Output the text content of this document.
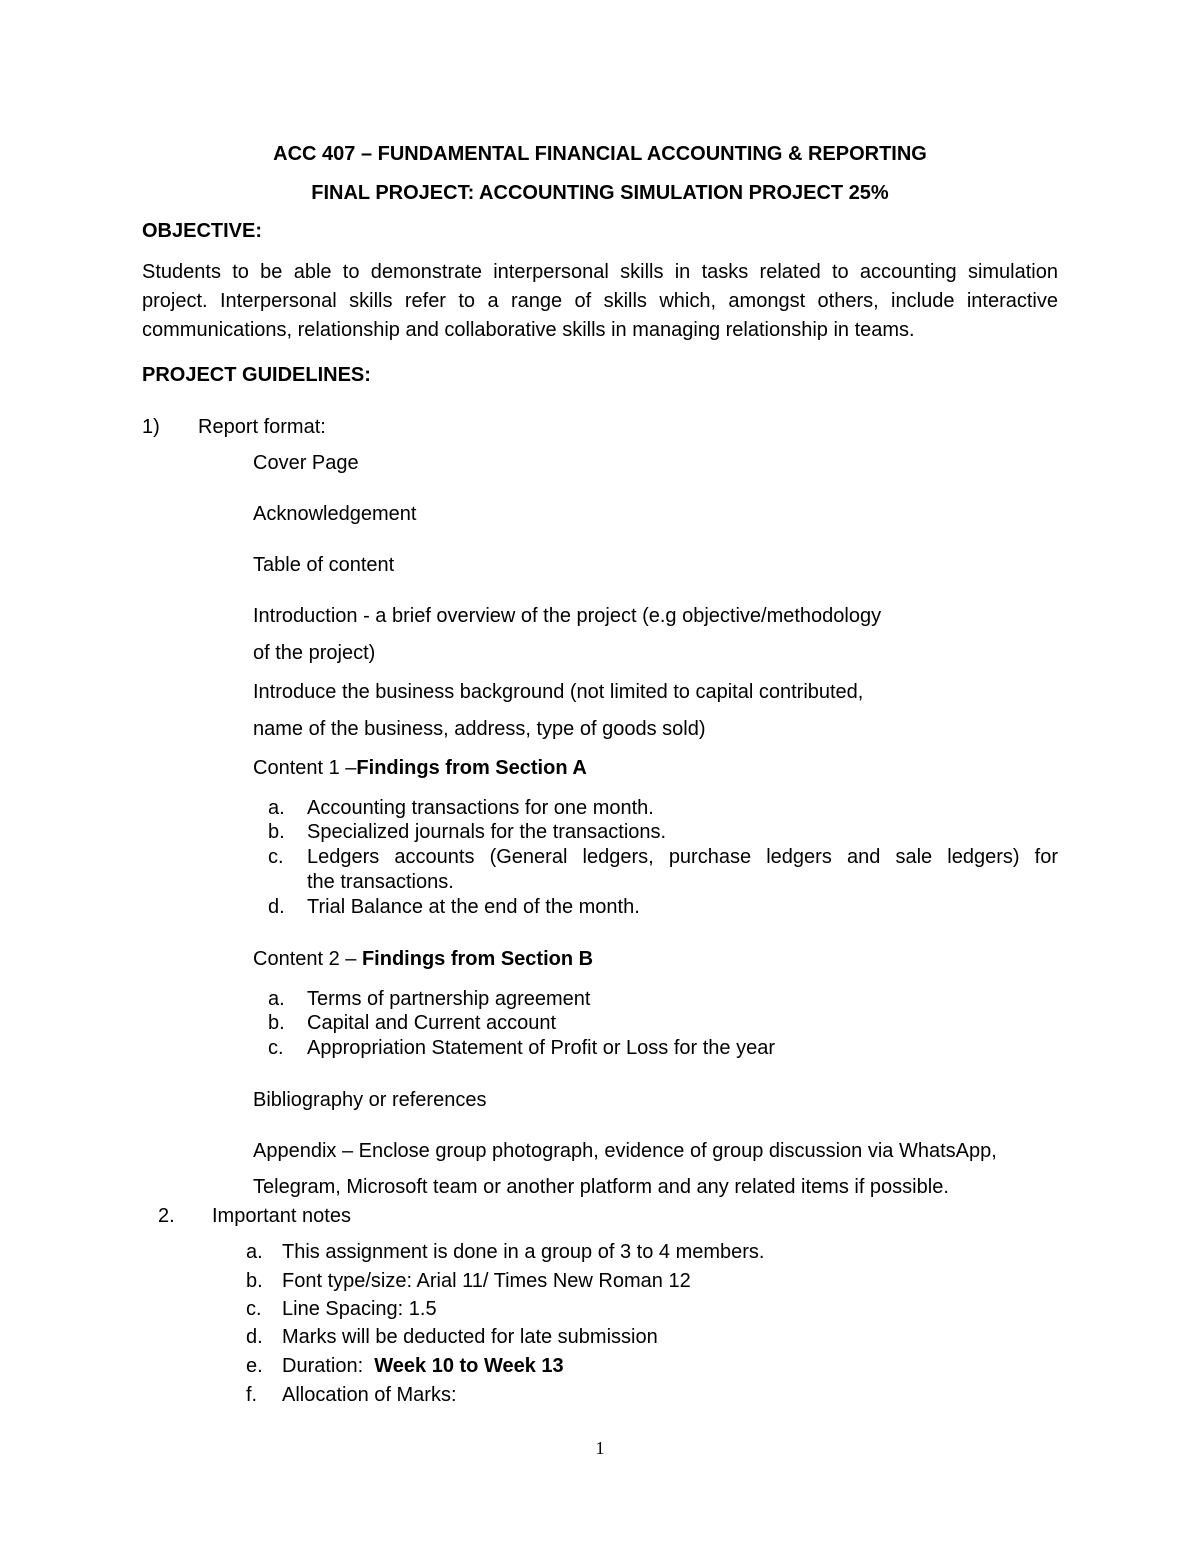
ACC 407 – FUNDAMENTAL FINANCIAL ACCOUNTING & REPORTING
FINAL PROJECT: ACCOUNTING SIMULATION PROJECT 25%
OBJECTIVE:
Students to be able to demonstrate interpersonal skills in tasks related to accounting simulation
project. Interpersonal skills refer to a range of skills which, amongst others, include interactive
communications, relationship and collaborative skills in managing relationship in teams.
PROJECT GUIDELINES:
1) Report format:
Cover Page
Acknowledgement
Table of content
Introduction - a brief overview of the project (e.g objective/methodology
of the project)
Introduce the business background (not limited to capital contributed,
name of the business, address, type of goods sold)
Content 1 –Findings from Section A
a. Accounting transactions for one month.
b. Specialized journals for the transactions.
c. Ledgers accounts (General ledgers, purchase ledgers and sale ledgers) for
the transactions.
d. Trial Balance at the end of the month.
Content 2 – Findings from Section B
a. Terms of partnership agreement
b. Capital and Current account
c. Appropriation Statement of Profit or Loss for the year
Bibliography or references
Appendix – Enclose group photograph, evidence of group discussion via WhatsApp,
Telegram, Microsoft team or another platform and any related items if possible.
2. Important notes
a. This assignment is done in a group of 3 to 4 members.
b. Font type/size: Arial 11/ Times New Roman 12
c. Line Spacing: 1.5
d. Marks will be deducted for late submission
e. Duration:  Week 10 to Week 13
f. Allocation of Marks:
1
